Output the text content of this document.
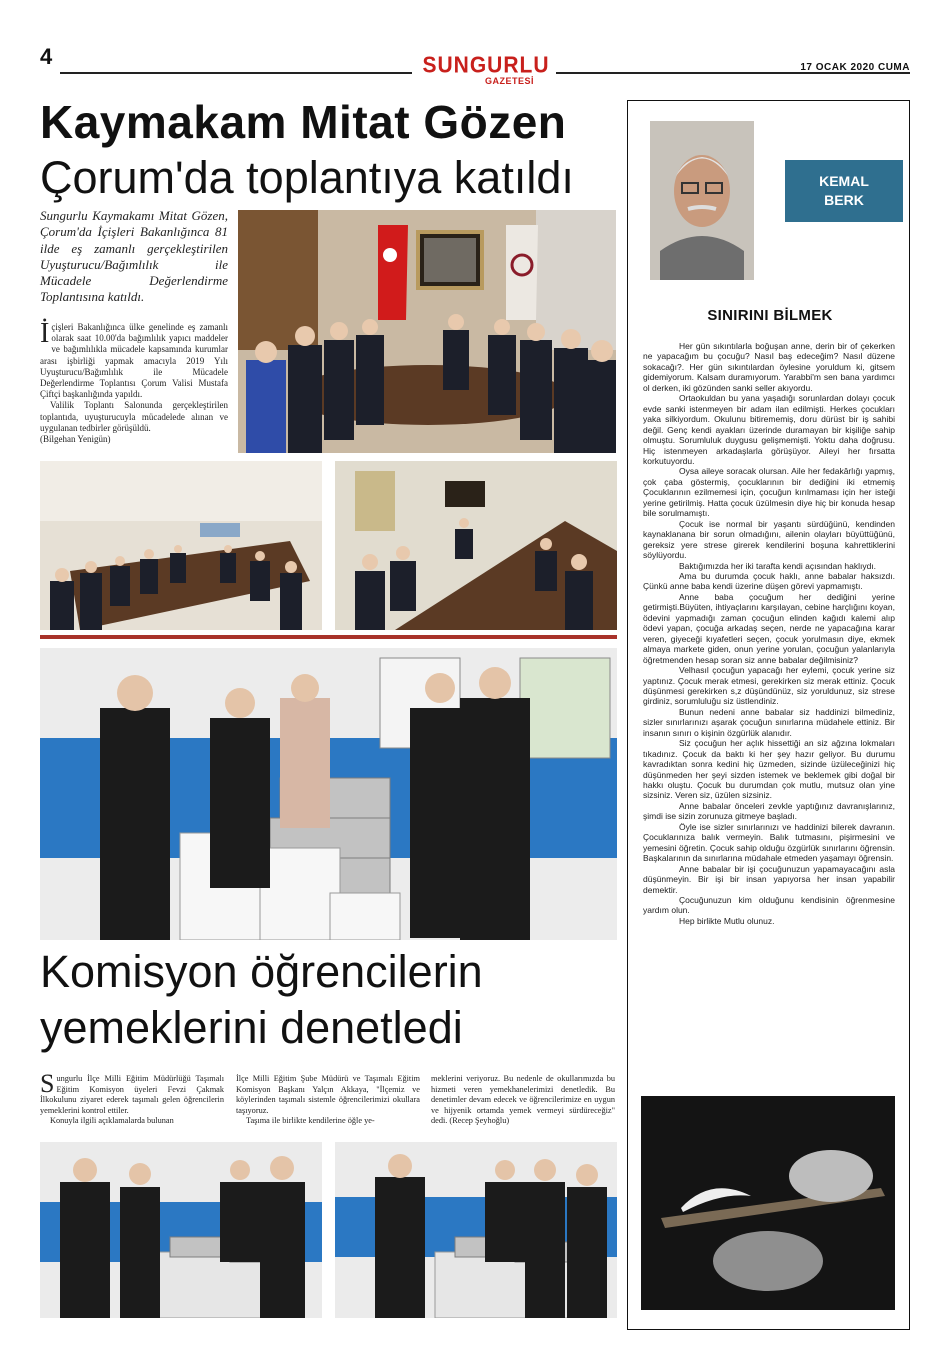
4	SUNGURLU
GAZETESİ
17 OCAK 2020 CUMA
Kaymakam Mitat Gözen
Çorum'da toplantıya katıldı
Sungurlu Kaymakamı Mitat Gözen, Çorum'da İçişleri Bakanlığınca 81 ilde eş zamanlı gerçekleştirilen Uyuşturucu/Bağımlılık ile Mücadele Değerlendirme Toplantısına katıldı.

İçişleri Bakanlığınca ülke genelinde eş zamanlı olarak saat 10.00'da bağımlılık yapıcı maddeler ve bağımlılıkla mücadele kapsamında kurumlar arası işbirliği yapmak amacıyla 2019 Yılı Uyuşturucu/Bağımlılık ile Mücadele Değerlendirme Toplantısı Çorum Valisi Mustafa Çiftçi başkanlığında yapıldı.

Valilik Toplantı Salonunda gerçekleştirilen toplantıda, uyuşturucuyla mücadelede alınan ve uygulanan tedbirler görüşüldü.

(Bilgehan Yenigün)

Komisyon öğrencilerin
yemeklerini denetledi

Sungurlu İlçe Milli Eğitim Müdürlüğü Taşımalı Eğitim Komisyon üyeleri Fevzi Çakmak İlkokulunu ziyaret ederek taşımalı gelen öğrencilerin yemeklerini kontrol ettiler.

Konuyla ilgili açıklamalarda bulunan

İlçe Milli Eğitim Şube Müdürü ve Taşımalı Eğitim Komisyon Başkanı Yalçın Akkaya, "İlçemiz ve köylerinden taşımalı sistemle öğrencilerimizi okullara taşıyoruz.

Taşıma ile birlikte kendilerine öğle ye-

meklerini veriyoruz. Bu nedenle de okullarımızda bu hizmeti veren yemekhanelerimizi denetledik. Bu denetimler devam edecek ve öğrencilerimize en uygun ve hijyenik ortamda yemek vermeyi sürdüreceğiz" dedi. (Recep Şeyhoğlu)

KEMAL
BERK
SINIRINI BİLMEK

Her gün sıkıntılarla boğuşan anne, derin bir of çekerken ne yapacağım bu çocuğu? Nasıl baş edeceğim? Nasıl düzene sokacağı?. Her gün sıkıntılardan öylesine yoruldum ki, gitsem gidemiyorum. Kalsam duramıyorum. Yarabbi'm sen bana yardımcı ol derken, iki gözünden sanki seller akıyordu.

Ortaokuldan bu yana yaşadığı sorunlardan dolayı çocuk evde sanki istenmeyen bir adam ilan edilmişti. Herkes çocukları yaka silkiyordum. Okulunu bitirememiş, doru dürüst bir iş sahibi değil. Genç kendi ayakları üzerinde duramayan bir kişiliğe sahip olmuştu. Sorumluluk duygusu gelişmemişti. Yoktu daha doğrusu. Hiç istenmeyen arkadaşlarla görüşüyor. Aileyi her fırsatta korkutuyordu.

Oysa aileye soracak olursan. Aile her fedakârlığı yapmış, çok çaba göstermiş, çocuklarının bir dediğini iki etmemiş Çocuklarının ezilmemesi için, çocuğun kırılmaması için her isteği yerine getirilmiş. Hatta çocuk üzülmesin diye hiç bir konuda hesap bile sorulmamıştı.

Çocuk ise normal bir yaşantı sürdüğünü, kendinden kaynaklanana bir sorun olmadığını, ailenin olayları büyüttüğünü, gereksiz yere strese girerek kendilerini boşuna kahrettiklerini söylüyordu.

Baktığımızda her iki tarafta kendi açısından haklıydı.

Ama bu durumda çocuk haklı, anne babalar haksızdı. Çünkü anne baba kendi üzerine düşen görevi yapmamıştı.

Anne baba çocuğum her dediğini yerine getirmişti.Büyüten, ihtiyaçlarını karşılayan, cebine harçlığını koyan, ödevini yapmadığı zaman çocuğun elinden kağıdı kalemi alıp ödevi yapan, çocuğa arkadaş seçen, nerde ne yapacağına karar veren, giyeceği kıyafetleri seçen, çocuk yorulmasın diye, ekmek almaya markete giden, onun yerine yorulan, çocuğun yalanlarıyla öğretmenden hesap soran siz anne babalar değilmisiniz?

Velhasıl çocuğun yapacağı her eylemi, çocuk yerine siz yaptınız. Çocuk merak etmesi, gerekirken siz merak ettiniz. Çocuk düşünmesi gerekirken s,z düşündünüz, siz yoruldunuz, siz strese girdiniz, sorumluluğu siz üstlendiniz.

Bunun nedeni anne babalar siz haddinizi bilmediniz, sizler sınırlarınızı aşarak çocuğun sınırlarına müdahele ettiniz. Bir insanın sınırı o kişinin özgürlük alanıdır.

Siz çocuğun her açlık hissettiği an siz ağzına lokmaları tıkadınız. Çocuk da baktı ki her şey hazır geliyor. Bu durumu kavradıktan sonra kedini hiç üzmeden, sizinde üzüleceğinizi hiç düşünmeden her şeyi sizden istemek ve beklemek gibi doğal bir hakkı oluştu. Çocuk bu durumdan çok mutlu, mutsuz olan yine sizsiniz. Veren siz, üzülen sizsiniz.

Anne babalar önceleri zevkle yaptığınız davranışlarınız, şimdi ise sizin zorunuza gitmeye başladı.

Öyle ise sizler sınırlarınızı ve haddinizi bilerek davranın. Çocuklarınıza balık vermeyin. Balık tutmasını, pişirmesini ve yemesini öğretin. Çocuk sahip olduğu özgürlük sınırlarını öğrensin. Başkalarının da sınırlarına müdahale etmeden yaşamayı öğrensin.

Anne babalar bir işi çocuğunuzun yapamayacağını asla düşünmeyin. Bir işi bir insan yapıyorsa her insan yapabilir demektir.

Çocuğunuzun kim olduğunu kendisinin öğrenmesine yardım olun.

Hep birlikte Mutlu olunuz.
